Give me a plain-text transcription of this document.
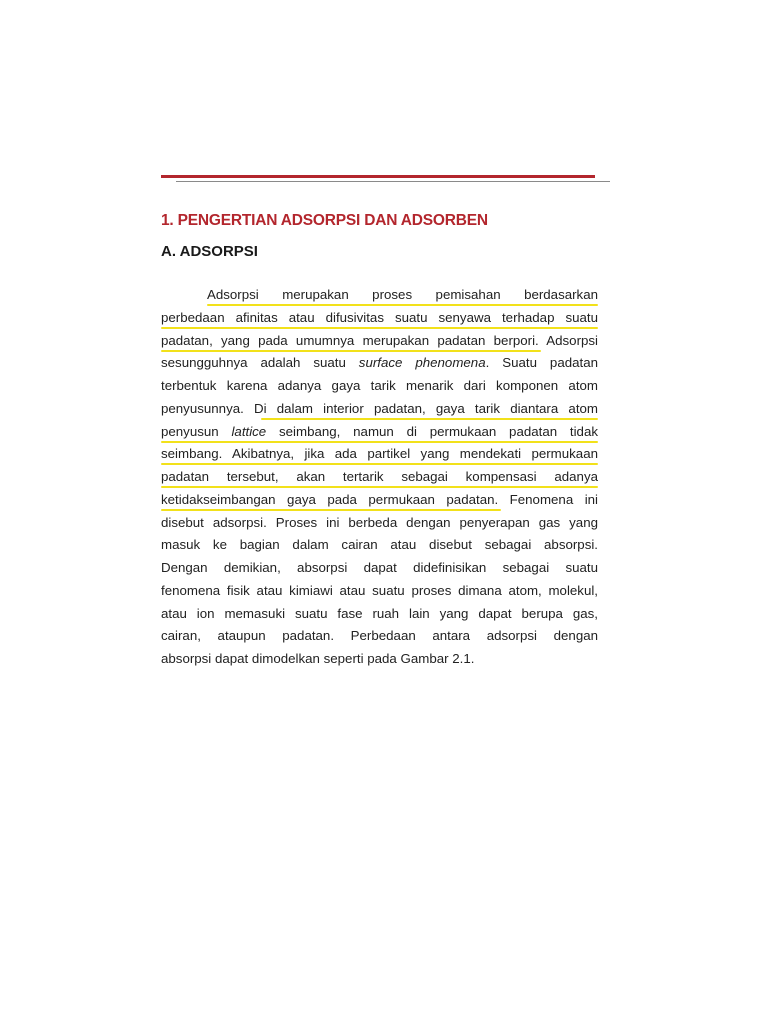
1. PENGERTIAN ADSORPSI DAN ADSORBEN
A. ADSORPSI
Adsorpsi merupakan proses pemisahan berdasarkan
perbedaan afinitas atau difusivitas suatu senyawa terhadap suatu
padatan, yang pada umumnya merupakan padatan berpori. Adsorpsi
sesungguhnya adalah suatu surface phenomena. Suatu padatan
terbentuk karena adanya gaya tarik menarik dari komponen atom
penyusunnya. Di dalam interior padatan, gaya tarik diantara atom
penyusun lattice seimbang, namun di permukaan padatan tidak
seimbang. Akibatnya, jika ada partikel yang mendekati permukaan
padatan tersebut, akan tertarik sebagai kompensasi adanya
ketidakseimbangan gaya pada permukaan padatan. Fenomena ini
disebut adsorpsi. Proses ini berbeda dengan penyerapan gas yang
masuk ke bagian dalam cairan atau disebut sebagai absorpsi.
Dengan demikian, absorpsi dapat didefinisikan sebagai suatu
fenomena fisik atau kimiawi atau suatu proses dimana atom, molekul,
atau ion memasuki suatu fase ruah lain yang dapat berupa gas,
cairan, ataupun padatan. Perbedaan antara adsorpsi dengan
absorpsi dapat dimodelkan seperti pada Gambar 2.1.
